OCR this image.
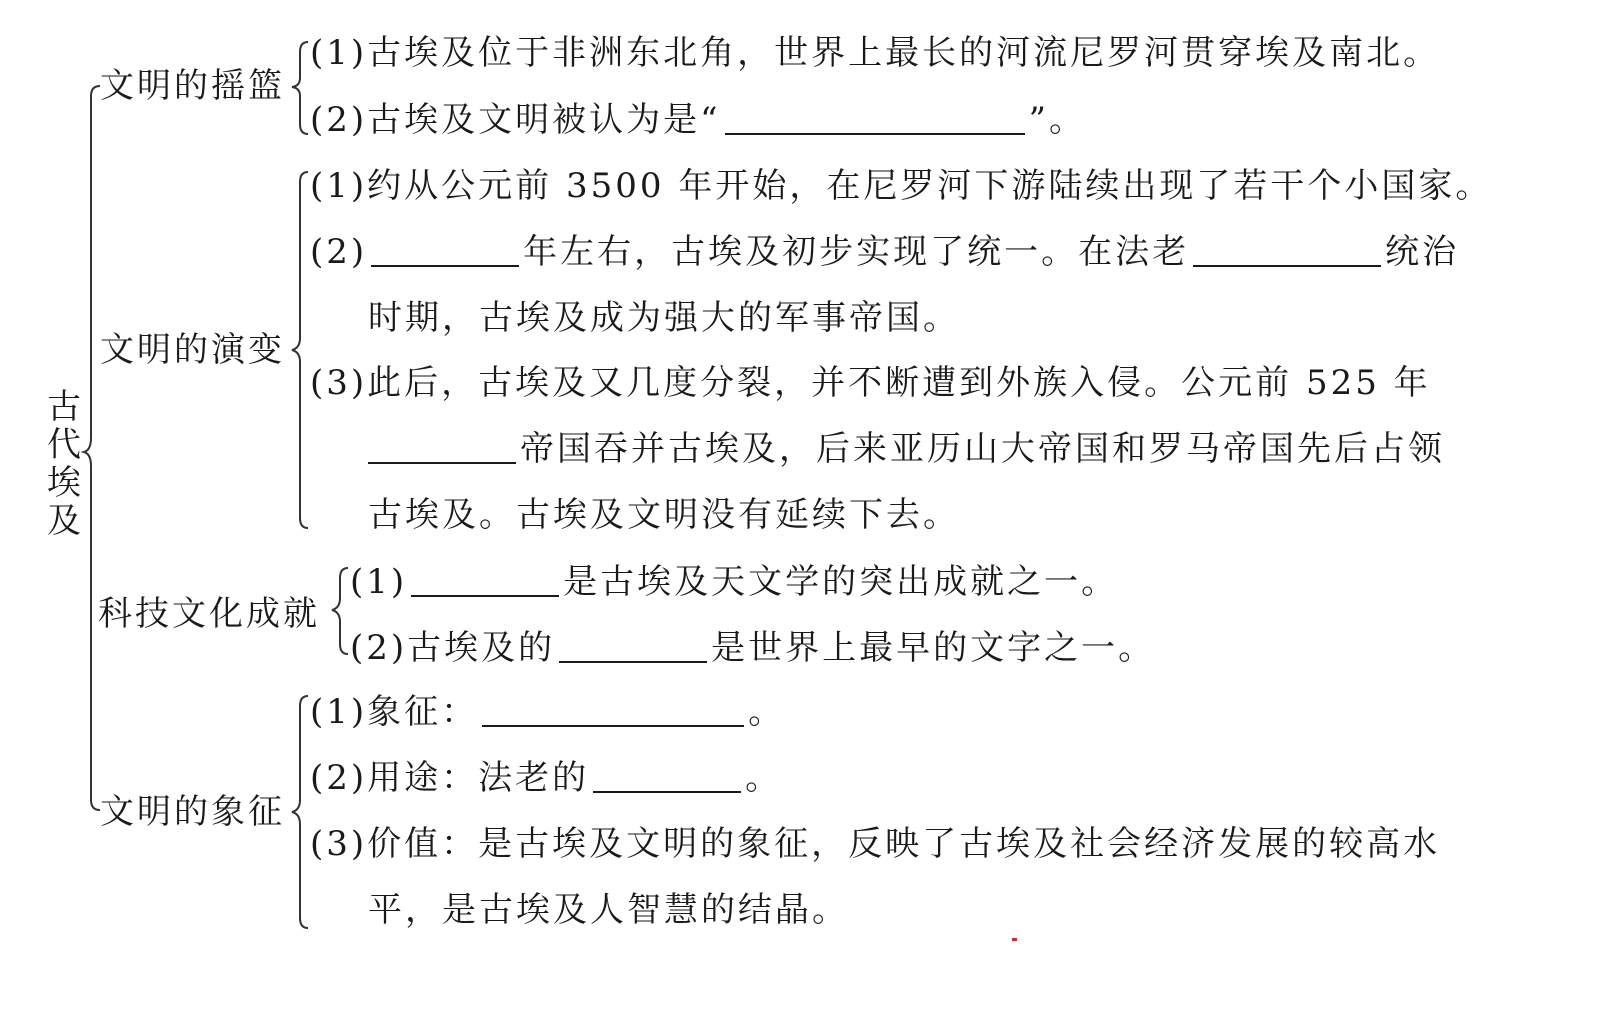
古代埃及
文明的摇篮
(1)古埃及位于非洲东北角，世界上最长的河流尼罗河贯穿埃及南北。
(2)古埃及文明被认为是“	”。
文明的演变
(1)约从公元前 3500 年开始，在尼罗河下游陆续出现了若干个小国家。
(2)	年左右，古埃及初步实现了统一。在法老	统治
时期，古埃及成为强大的军事帝国。
(3)此后，古埃及又几度分裂，并不断遭到外族入侵。公元前 525 年
帝国吞并古埃及，后来亚历山大帝国和罗马帝国先后占领
古埃及。古埃及文明没有延续下去。
科技文化成就
(1)	是古埃及天文学的突出成就之一。
(2)古埃及的	是世界上最早的文字之一。
文明的象征
(1)象征：	。
(2)用途：法老的	。
(3)价值：是古埃及文明的象征，反映了古埃及社会经济发展的较高水
平，是古埃及人智慧的结晶。
